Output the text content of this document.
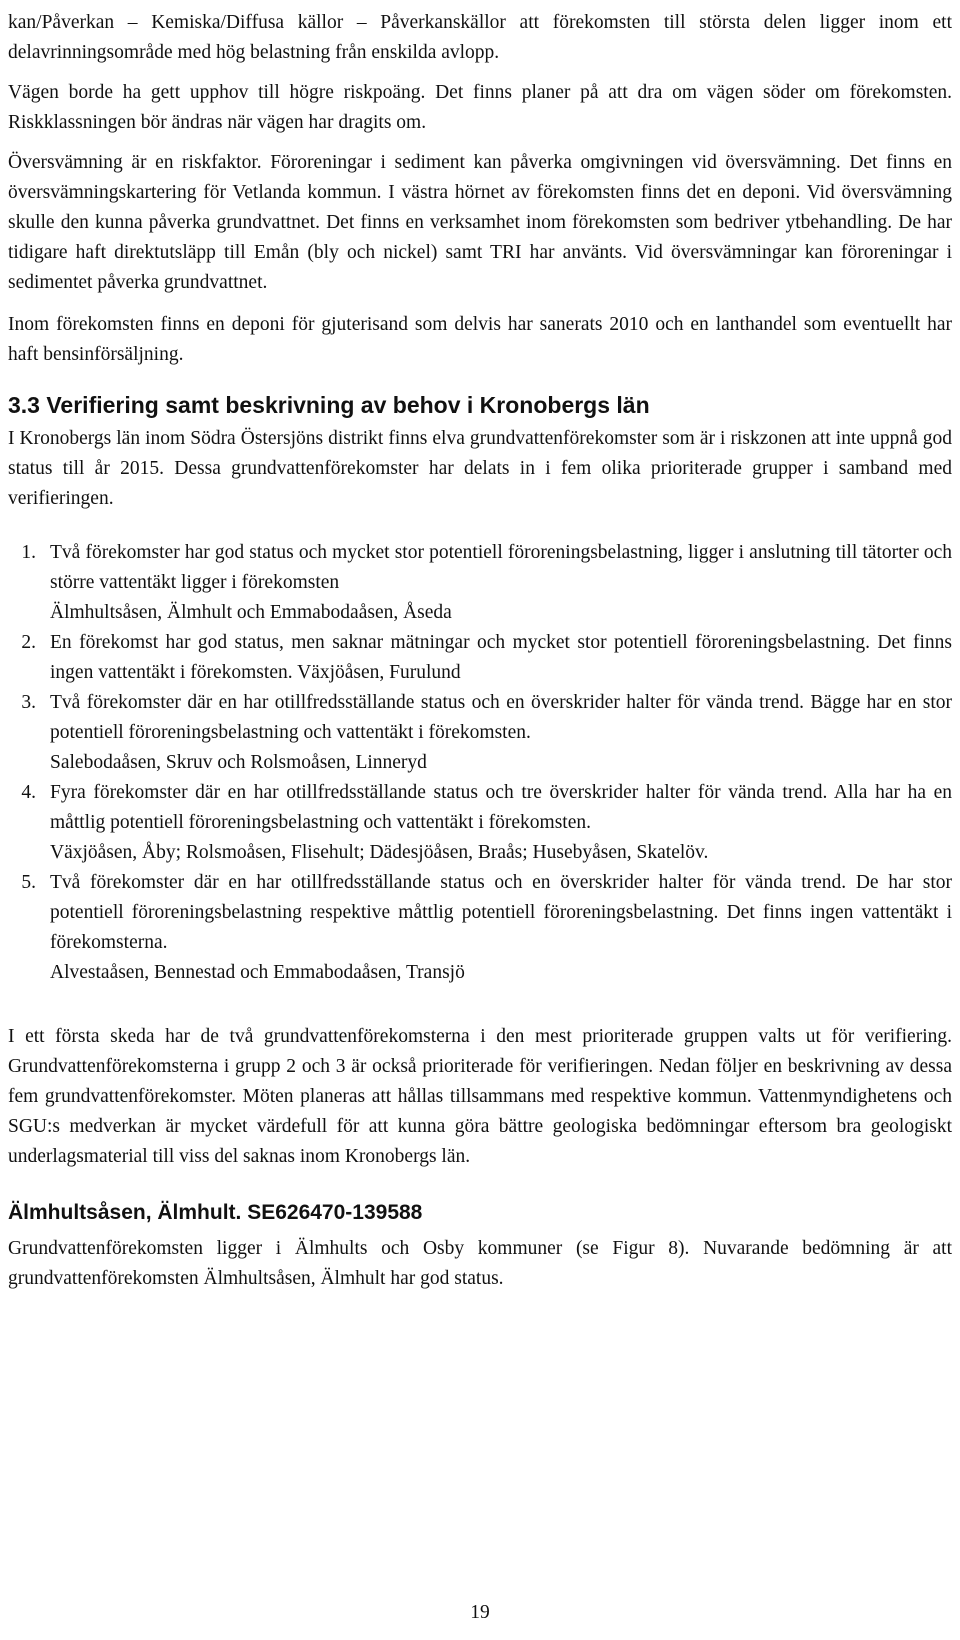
kan/Påverkan – Kemiska/Diffusa källor – Påverkanskällor att förekomsten till största delen ligger inom ett delavrinningsområde med hög belastning från enskilda avlopp.

Vägen borde ha gett upphov till högre riskpoäng. Det finns planer på att dra om vägen söder om förekomsten. Riskklassningen bör ändras när vägen har dragits om.

Översvämning är en riskfaktor. Föroreningar i sediment kan påverka omgivningen vid översvämning. Det finns en översvämningskartering för Vetlanda kommun. I västra hörnet av förekomsten finns det en deponi. Vid översvämning skulle den kunna påverka grundvattnet. Det finns en verksamhet inom förekomsten som bedriver ytbehandling. De har tidigare haft direktutsläpp till Emån (bly och nickel) samt TRI har använts. Vid översvämningar kan föroreningar i sedimentet påverka grundvattnet.

Inom förekomsten finns en deponi för gjuterisand som delvis har sanerats 2010 och en lanthandel som eventuellt har haft bensinförsäljning.

3.3 Verifiering samt beskrivning av behov i Kronobergs län

I Kronobergs län inom Södra Östersjöns distrikt finns elva grundvattenförekomster som är i riskzonen att inte uppnå god status till år 2015. Dessa grundvattenförekomster har delats in i fem olika prioriterade grupper i samband med verifieringen.

1. Två förekomster har god status och mycket stor potentiell föroreningsbelastning, ligger i anslutning till tätorter och större vattentäkt ligger i förekomsten
Älmhultsåsen, Älmhult och Emmabodaåsen, Åseda
2. En förekomst har god status, men saknar mätningar och mycket stor potentiell föroreningsbelastning. Det finns ingen vattentäkt i förekomsten. Växjöåsen, Furulund
3. Två förekomster där en har otillfredsställande status och en överskrider halter för vända trend. Bägge har en stor potentiell föroreningsbelastning och vattentäkt i förekomsten.
Salebodaåsen, Skruv och Rolsmoåsen, Linneryd
4. Fyra förekomster där en har otillfredsställande status och tre överskrider halter för vända trend. Alla har ha en måttlig potentiell föroreningsbelastning och vattentäkt i förekomsten.
Växjöåsen, Åby; Rolsmoåsen, Flisehult; Dädesjöåsen, Braås; Husebyåsen, Skatelöv.
5. Två förekomster där en har otillfredsställande status och en överskrider halter för vända trend. De har stor potentiell föroreningsbelastning respektive måttlig potentiell föroreningsbelastning. Det finns ingen vattentäkt i förekomsterna.
Alvestaåsen, Bennestad och Emmabodaåsen, Transjö

I ett första skeda har de två grundvattenförekomsterna i den mest prioriterade gruppen valts ut för verifiering. Grundvattenförekomsterna i grupp 2 och 3 är också prioriterade för verifieringen. Nedan följer en beskrivning av dessa fem grundvattenförekomster. Möten planeras att hållas tillsammans med respektive kommun. Vattenmyndighetens och SGU:s medverkan är mycket värdefull för att kunna göra bättre geologiska bedömningar eftersom bra geologiskt underlagsmaterial till viss del saknas inom Kronobergs län.

Älmhultsåsen, Älmhult. SE626470-139588

Grundvattenförekomsten ligger i Älmhults och Osby kommuner (se Figur 8). Nuvarande bedömning är att grundvattenförekomsten Älmhultsåsen, Älmhult har god status.

19
